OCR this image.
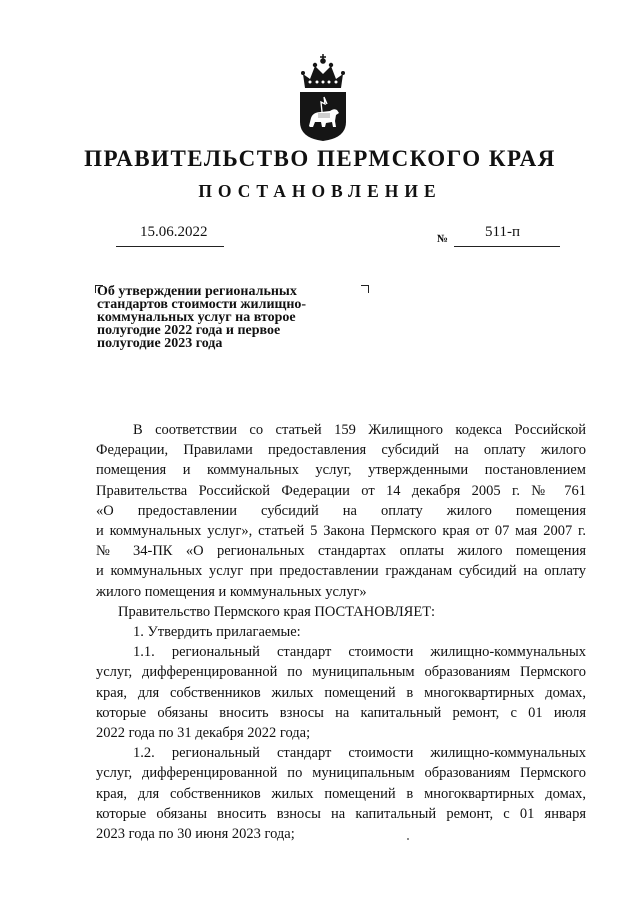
ПРАВИТЕЛЬСТВО ПЕРМСКОГО КРАЯ
ПОСТАНОВЛЕНИЕ
15.06.2022	№ 511-п
Об утверждении региональных
стандартов стоимости жилищно-
коммунальных услуг на второе
полугодие 2022 года и первое
полугодие 2023 года
В соответствии со статьей 159 Жилищного кодекса Российской
Федерации, Правилами предоставления субсидий на оплату жилого
помещения и коммунальных услуг, утвержденными постановлением
Правительства Российской Федерации от 14 декабря 2005 г. № 761
«О предоставлении субсидий на оплату жилого помещения
и коммунальных услуг», статьей 5 Закона Пермского края от 07 мая 2007 г.
№ 34-ПК «О региональных стандартах оплаты жилого помещения
и коммунальных услуг при предоставлении гражданам субсидий на оплату
жилого помещения и коммунальных услуг»
Правительство Пермского края ПОСТАНОВЛЯЕТ:
1. Утвердить прилагаемые:
1.1. региональный стандарт стоимости жилищно-коммунальных
услуг, дифференцированной по муниципальным образованиям Пермского
края, для собственников жилых помещений в многоквартирных домах,
которые обязаны вносить взносы на капитальный ремонт, с 01 июля
2022 года по 31 декабря 2022 года;
1.2. региональный стандарт стоимости жилищно-коммунальных
услуг, дифференцированной по муниципальным образованиям Пермского
края, для собственников жилых помещений в многоквартирных домах,
которые обязаны вносить взносы на капитальный ремонт, с 01 января
2023 года по 30 июня 2023 года;
